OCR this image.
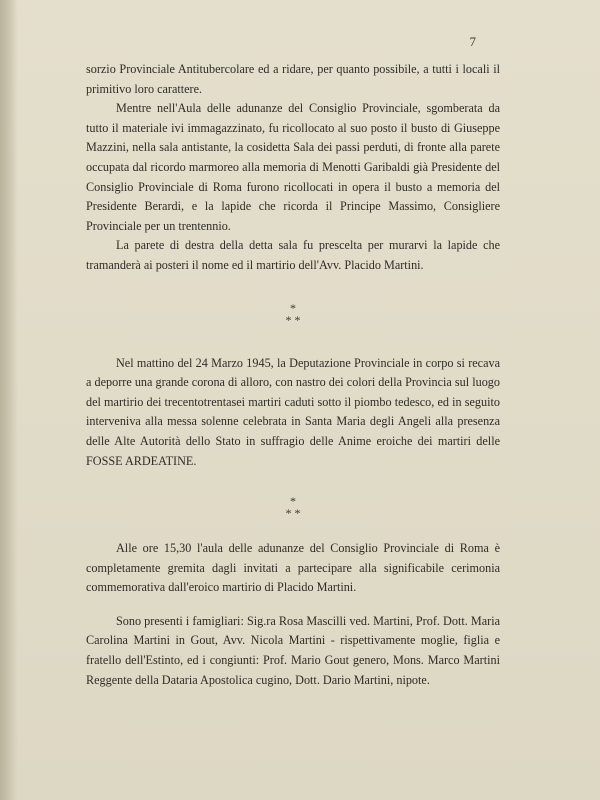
7

sorzio Provinciale Antitubercolare ed a ridare, per quanto possibile, a tutti i locali il primitivo loro carattere.

Mentre nell'Aula delle adunanze del Consiglio Provinciale, sgomberata da tutto il materiale ivi immagazzinato, fu ricollocato al suo posto il busto di Giuseppe Mazzini, nella sala antistante, la cosidetta Sala dei passi perduti, di fronte alla parete occupata dal ricordo marmoreo alla memoria di Menotti Garibaldi già Presidente del Consiglio Provinciale di Roma furono ricollocati in opera il busto a memoria del Presidente Berardi, e la lapide che ricorda il Principe Massimo, Consigliere Provinciale per un trentennio.

La parete di destra della detta sala fu prescelta per murarvi la lapide che tramanderà ai posteri il nome ed il martirio dell'Avv. Placido Martini.

*
* *

Nel mattino del 24 Marzo 1945, la Deputazione Provinciale in corpo si recava a deporre una grande corona di alloro, con nastro dei colori della Provincia sul luogo del martirio dei trecentotrentasei martiri caduti sotto il piombo tedesco, ed in seguito interveniva alla messa solenne celebrata in Santa Maria degli Angeli alla presenza delle Alte Autorità dello Stato in suffragio delle Anime eroiche dei martiri delle FOSSE ARDEATINE.

*
* *

Alle ore 15,30 l'aula delle adunanze del Consiglio Provinciale di Roma è completamente gremita dagli invitati a partecipare alla significabile cerimonia commemorativa dall'eroico martirio di Placido Martini.

Sono presenti i famigliari: Sig.ra Rosa Mascilli ved. Martini, Prof. Dott. Maria Carolina Martini in Gout, Avv. Nicola Martini - rispettivamente moglie, figlia e fratello dell'Estinto, ed i congiunti: Prof. Mario Gout genero, Mons. Marco Martini Reggente della Dataria Apostolica cugino, Dott. Dario Martini, nipote.
